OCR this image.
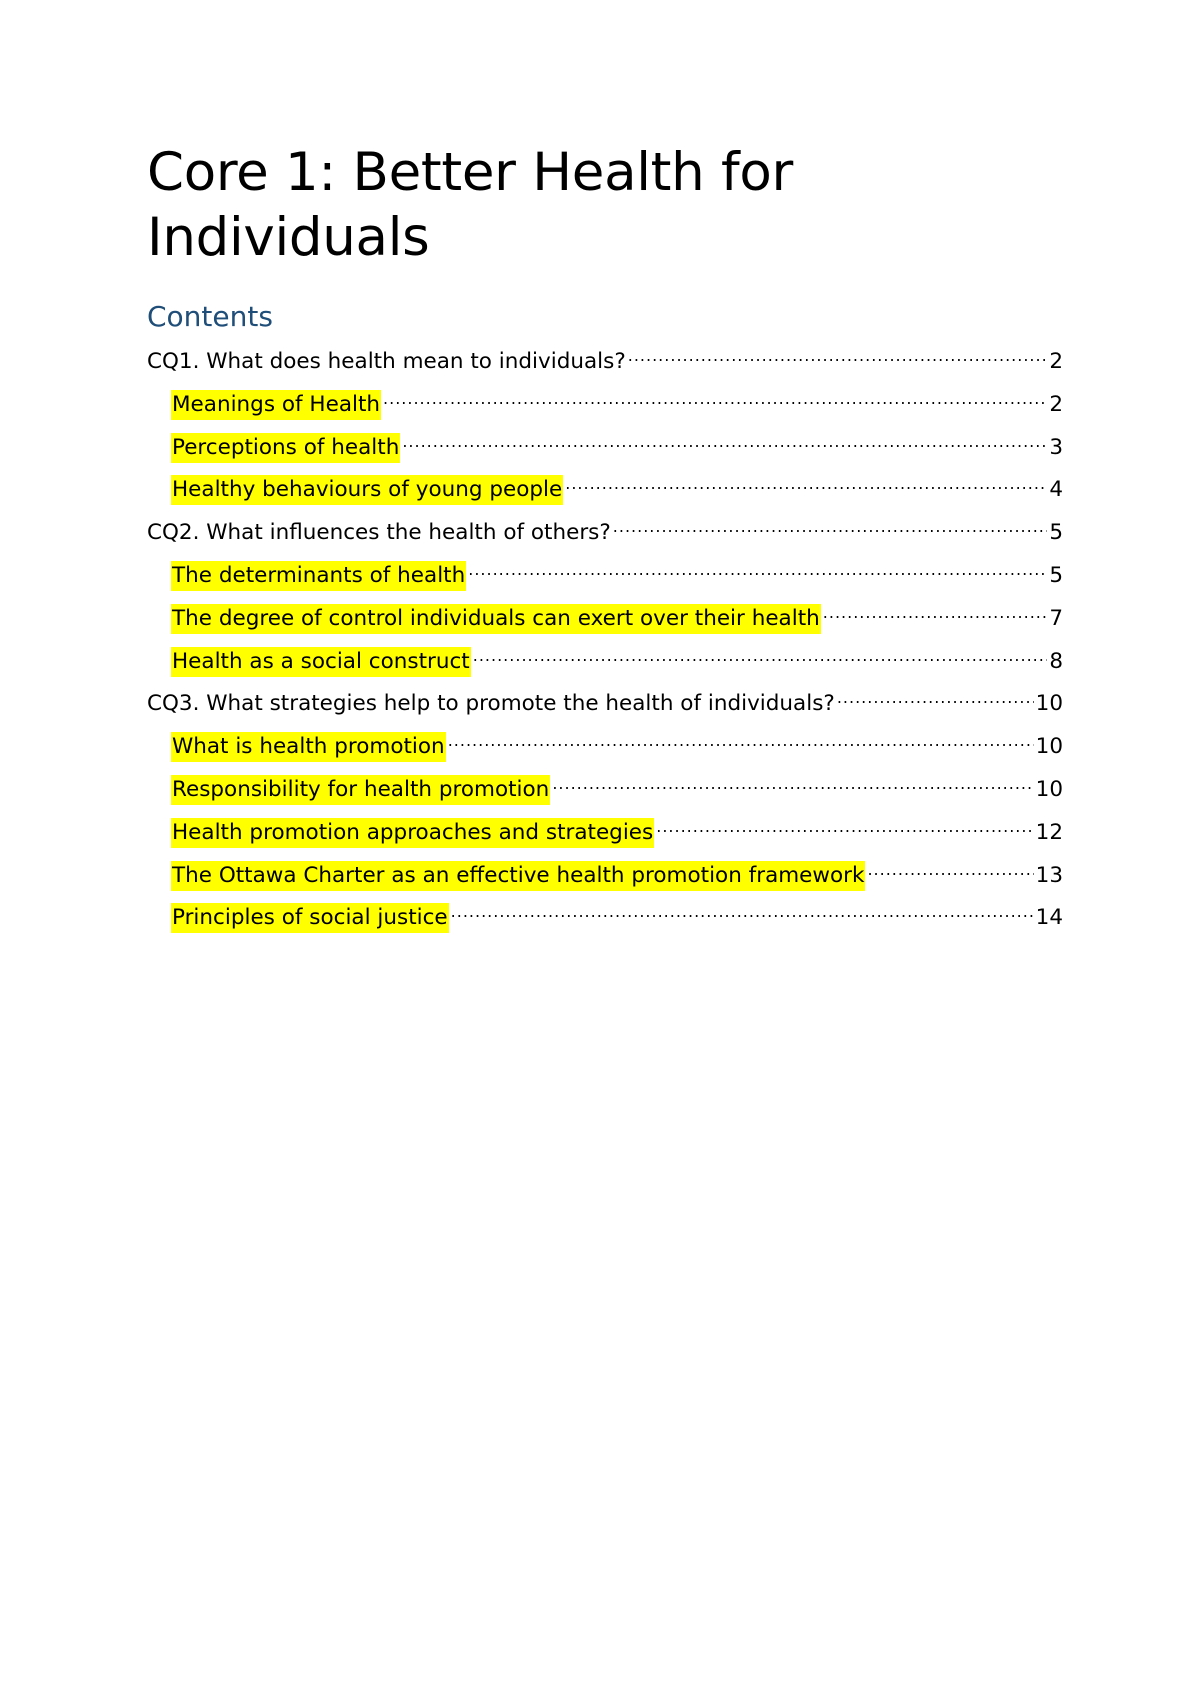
Core 1: Better Health for
Individuals
Contents
CQ1. What does health mean to individuals? .....	2
Meanings of Health .....	2
Perceptions of health .....	3
Healthy behaviours of young people .....	4
CQ2. What influences the health of others? .....	5
The determinants of health .....	5
The degree of control individuals can exert over their health .....	7
Health as a social construct .....	8
CQ3. What strategies help to promote the health of individuals? .....	10
What is health promotion .....	10
Responsibility for health promotion .....	10
Health promotion approaches and strategies .....	12
The Ottawa Charter as an effective health promotion framework .....	13
Principles of social justice .....	14
